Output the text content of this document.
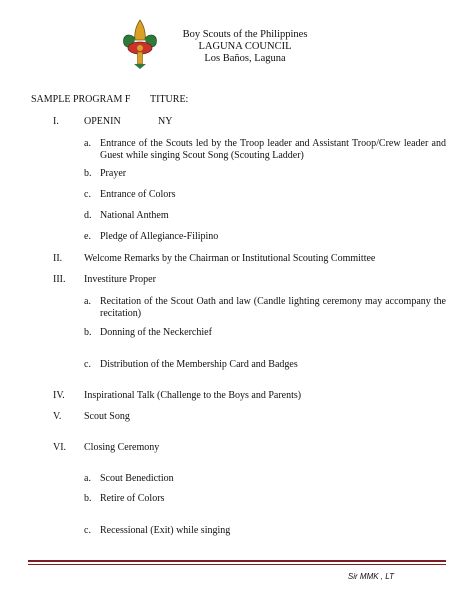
Boy Scouts of the Philippines
LAGUNA COUNCIL
Los Baños, Laguna
SAMPLE PROGRAM F TITURE:
I.	OPENIN	NY
a. Entrance of the Scouts led by the Troop leader and Assistant Troop/Crew leader and Guest while singing Scout Song (Scouting Ladder)
b. Prayer
c. Entrance of Colors
d. National Anthem
e. Pledge of Allegiance-Filipino
II. Welcome Remarks by the Chairman or Institutional Scouting Committee
III. Investiture Proper
a. Recitation of the Scout Oath and law (Candle lighting ceremony may accompany the recitation)
b. Donning of the Neckerchief
c. Distribution of the Membership Card and Badges
IV. Inspirational Talk (Challenge to the Boys and Parents)
V. Scout Song
VI. Closing Ceremony
a. Scout Benediction
b. Retire of Colors
c. Recessional (Exit) while singing
Sir MMK , LT
